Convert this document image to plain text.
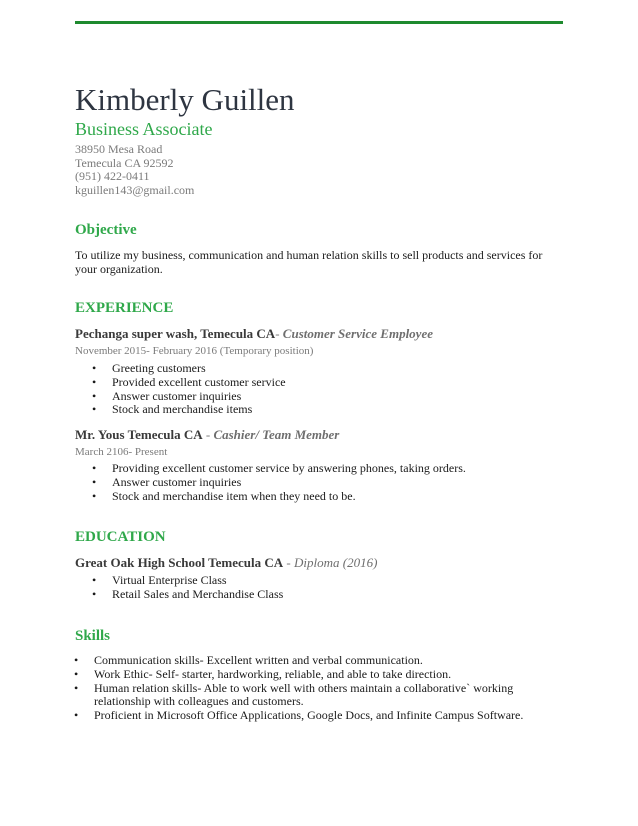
Kimberly Guillen
Business Associate
38950 Mesa Road
Temecula CA 92592
(951) 422-0411
kguillen143@gmail.com
Objective
To utilize my business, communication and human relation skills to sell products and services for your organization.
EXPERIENCE
Pechanga super wash, Temecula CA- Customer Service Employee
November 2015- February 2016 (Temporary position)
• Greeting customers
• Provided excellent customer service
• Answer customer inquiries
• Stock and merchandise items
Mr. Yous Temecula CA - Cashier/ Team Member
March 2106- Present
• Providing excellent customer service by answering phones, taking orders.
• Answer customer inquiries
• Stock and merchandise item when they need to be.
EDUCATION
Great Oak High School Temecula CA - Diploma (2016)
• Virtual Enterprise Class
• Retail Sales and Merchandise Class
Skills
• Communication skills- Excellent written and verbal communication.
• Work Ethic- Self- starter, hardworking, reliable, and able to take direction.
• Human relation skills- Able to work well with others maintain a collaborative` working relationship with colleagues and customers.
• Proficient in Microsoft Office Applications, Google Docs, and Infinite Campus Software.
